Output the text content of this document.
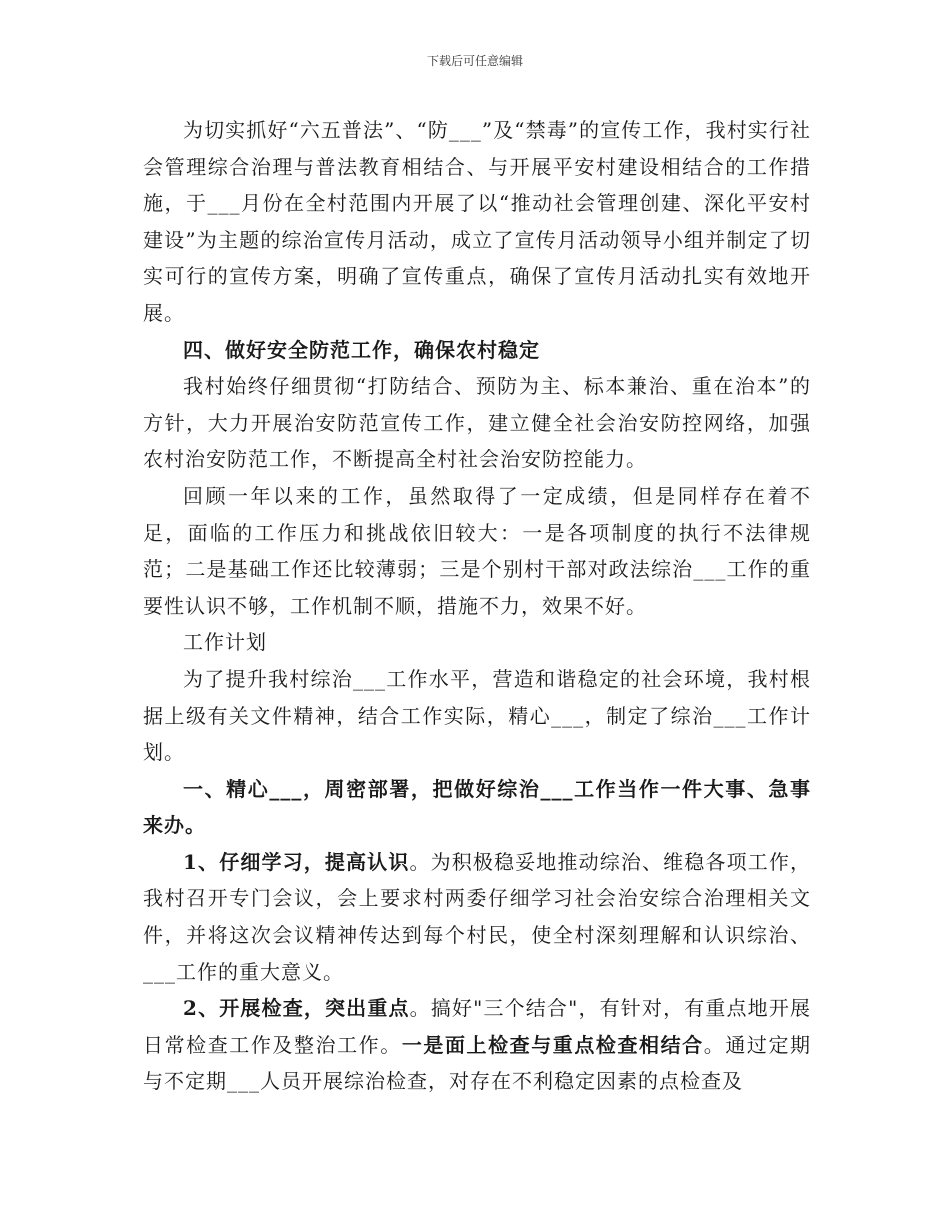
下载后可任意编辑

为切实抓好“六五普法”、“防___”及“禁毒”的宣传工作，我村实行社会管理综合治理与普法教育相结合、与开展平安村建设相结合的工作措施，于___月份在全村范围内开展了以“推动社会管理创建、深化平安村建设”为主题的综治宣传月活动，成立了宣传月活动领导小组并制定了切实可行的宣传方案，明确了宣传重点，确保了宣传月活动扎实有效地开展。

四、做好安全防范工作，确保农村稳定

我村始终仔细贯彻“打防结合、预防为主、标本兼治、重在治本”的方针，大力开展治安防范宣传工作，建立健全社会治安防控网络，加强农村治安防范工作，不断提高全村社会治安防控能力。

回顾一年以来的工作，虽然取得了一定成绩，但是同样存在着不足，面临的工作压力和挑战依旧较大：一是各项制度的执行不法律规范；二是基础工作还比较薄弱；三是个别村干部对政法综治___工作的重要性认识不够，工作机制不顺，措施不力，效果不好。

工作计划

为了提升我村综治___工作水平，营造和谐稳定的社会环境，我村根据上级有关文件精神，结合工作实际，精心___，制定了综治___工作计划。

一、精心___，周密部署，把做好综治___工作当作一件大事、急事来办。

1、仔细学习，提高认识。为积极稳妥地推动综治、维稳各项工作，我村召开专门会议，会上要求村两委仔细学习社会治安综合治理相关文件，并将这次会议精神传达到每个村民，使全村深刻理解和认识综治、___工作的重大意义。

2、开展检查，突出重点。搞好"三个结合"，有针对，有重点地开展日常检查工作及整治工作。一是面上检查与重点检查相结合。通过定期与不定期___人员开展综治检查，对存在不利稳定因素的点检查及
